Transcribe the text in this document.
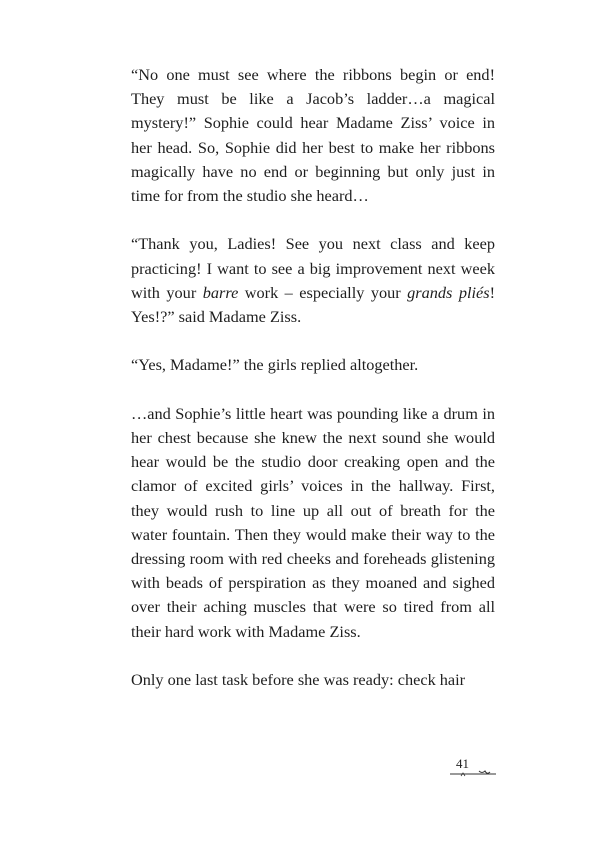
“No one must see where the ribbons begin or end! They must be like a Jacob’s ladder…a magical mystery!” Sophie could hear Madame Ziss’ voice in her head. So, Sophie did her best to make her ribbons magically have no end or beginning but only just in time for from the studio she heard…

“Thank you, Ladies! See you next class and keep practicing! I want to see a big improvement next week with your barre work – especially your grands pliés! Yes!?” said Madame Ziss.

“Yes, Madame!” the girls replied altogether.

…and Sophie’s little heart was pounding like a drum in her chest because she knew the next sound she would hear would be the studio door creaking open and the clamor of excited girls’ voices in the hallway. First, they would rush to line up all out of breath for the water fountain. Then they would make their way to the dressing room with red cheeks and foreheads glistening with beads of perspiration as they moaned and sighed over their aching muscles that were so tired from all their hard work with Madame Ziss.

Only one last task before she was ready: check hair

41
